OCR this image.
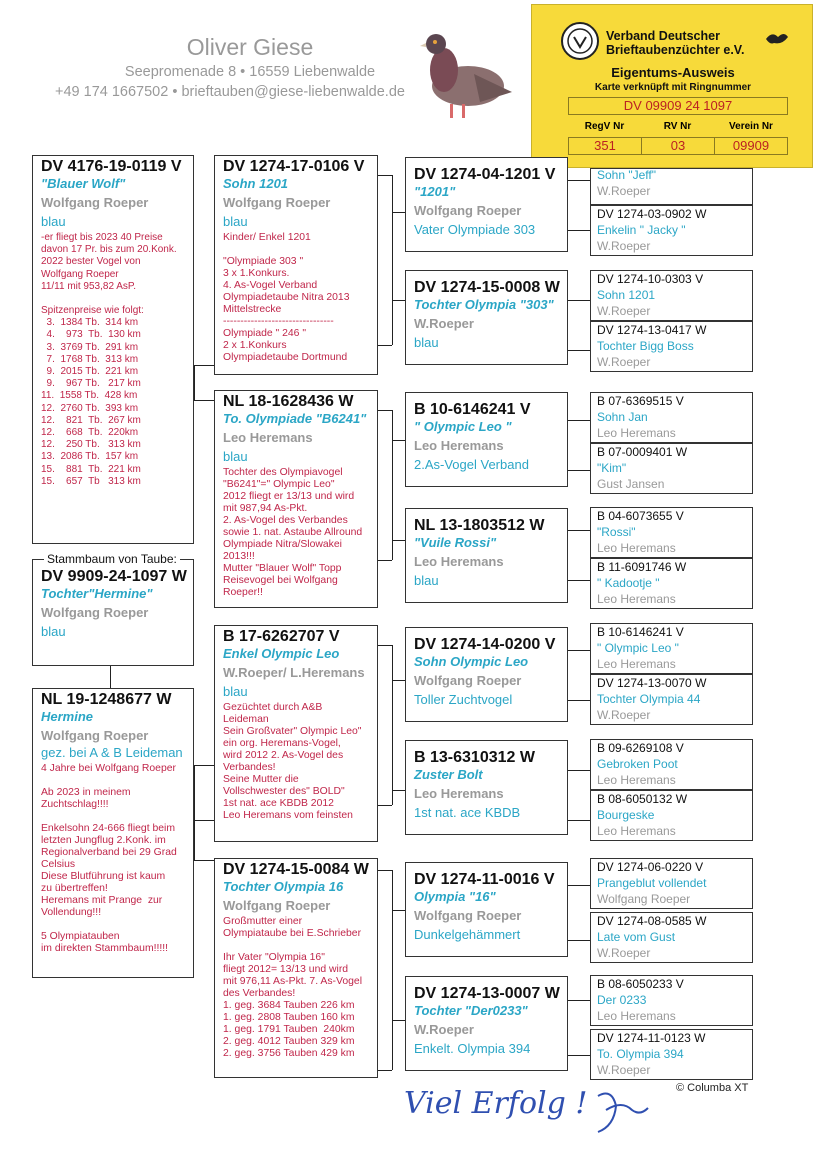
Oliver Giese
Seepromenade 8 • 16559 Liebenwalde
+49 174 1667502 • brieftauben@giese-liebenwalde.de
Verband Deutscher
Brieftaubenzüchter e.V.
Eigentums-Ausweis
Karte verknüpft mit Ringnummer
DV 09909 24 1097
RegV Nr	RV Nr	Verein Nr
351	03	09909
DV 4176-19-0119 V
"Blauer Wolf"
Wolfgang Roeper
blau
-er fliegt bis 2023 40 Preise
davon 17 Pr. bis zum 20.Konk.
2022 bester Vogel von
Wolfgang Roeper
11/11 mit 953,82 AsP.
Spitzenpreise wie folgt:
3.  1384 Tb.  314 km
4.    973  Tb.  130 km
3.  3769 Tb.  291 km
7.  1768 Tb.  313 km
9.  2015 Tb.  221 km
9.    967 Tb.   217 km
11.  1558 Tb.  428 km
12.  2760 Tb.  393 km
12.    821  Tb.  267 km
12.    668  Tb.  220km
12.    250 Tb.   313 km
13.  2086 Tb.  157 km
15.    881  Tb.  221 km
15.    657  Tb   313 km
DV 9909-24-1097 W
Tochter"Hermine"
Wolfgang Roeper
blau
Stammbaum von Taube:
NL 19-1248677 W
Hermine
Wolfgang Roeper
gez. bei A & B Leideman
4 Jahre bei Wolfgang Roeper
Ab 2023 in meinem
Zuchtschlag!!!!
Enkelsohn 24-666 fliegt beim
letzten Jungflug 2.Konk. im
Regionalverband bei 29 Grad
Celsius
Diese Blutführung ist kaum
zu übertreffen!
Heremans mit Prange  zur
Vollendung!!!
5 Olympiatauben
im direkten Stammbaum!!!!!
DV 1274-17-0106 V
Sohn 1201
Wolfgang Roeper
blau
Kinder/ Enkel 1201
"Olympiade 303 "
3 x 1.Konkurs.
4. As-Vogel Verband
Olympiadetaube Nitra 2013
Mittelstrecke
--------------------------------
Olympiade " 246 "
2 x 1.Konkurs
Olympiadetaube Dortmund
NL 18-1628436 W
To. Olympiade "B6241"
Leo Heremans
blau
Tochter des Olympiavogel
"B6241"=" Olympic Leo"
2012 fliegt er 13/13 und wird
mit 987,94 As-Pkt.
2. As-Vogel des Verbandes
sowie 1. nat. Astaube Allround
Olympiade Nitra/Slowakei
2013!!!
Mutter "Blauer Wolf" Topp
Reisevogel bei Wolfgang
Roeper!!
B 17-6262707 V
Enkel Olympic Leo
W.Roeper/ L.Heremans
blau
Gezüchtet durch A&B
Leideman
Sein Großvater" Olympic Leo"
ein org. Heremans-Vogel,
wird 2012 2. As-Vogel des
Verbandes!
Seine Mutter die
Vollschwester des" BOLD"
1st nat. ace KBDB 2012
Leo Heremans vom feinsten
DV 1274-15-0084 W
Tochter Olympia 16
Wolfgang Roeper
Großmutter einer
Olympiataube bei E.Schrieber
Ihr Vater "Olympia 16"
fliegt 2012= 13/13 und wird
mit 976,11 As-Pkt. 7. As-Vogel
des Verbandes!
1. geg. 3684 Tauben 226 km
1. geg. 2808 Tauben 160 km
1. geg. 1791 Tauben  240km
2. geg. 4012 Tauben 329 km
2. geg. 3756 Tauben 429 km
DV 1274-04-1201 V
"1201"
Wolfgang Roeper
Vater Olympiade 303
DV 1274-15-0008 W
Tochter Olympia "303"
W.Roeper
blau
B 10-6146241 V
" Olympic Leo "
Leo Heremans
2.As-Vogel Verband
NL 13-1803512 W
"Vuile Rossi"
Leo Heremans
blau
DV 1274-14-0200 V
Sohn Olympic Leo
Wolfgang Roeper
Toller Zuchtvogel
B 13-6310312 W
Zuster Bolt
Leo Heremans
1st nat. ace KBDB
DV 1274-11-0016 V
Olympia "16"
Wolfgang Roeper
Dunkelgehämmert
DV 1274-13-0007 W
Tochter "Der0233"
W.Roeper
Enkelt. Olympia 394
Sohn "Jeff"
W.Roeper
DV 1274-03-0902 W
Enkelin " Jacky "
W.Roeper
DV 1274-10-0303 V
Sohn 1201
W.Roeper
DV 1274-13-0417 W
Tochter Bigg Boss
W.Roeper
B 07-6369515 V
Sohn Jan
Leo Heremans
B 07-0009401 W
"Kim"
Gust Jansen
B 04-6073655 V
"Rossi"
Leo Heremans
B 11-6091746 W
" Kadootje "
Leo Heremans
B 10-6146241 V
" Olympic Leo "
Leo Heremans
DV 1274-13-0070 W
Tochter Olympia 44
W.Roeper
B 09-6269108 V
Gebroken Poot
Leo Heremans
B 08-6050132 W
Bourgeske
Leo Heremans
DV 1274-06-0220 V
Prangeblut vollendet
Wolfgang Roeper
DV 1274-08-0585 W
Late vom Gust
W.Roeper
B 08-6050233 V
Der 0233
Leo Heremans
DV 1274-11-0123 W
To. Olympia 394
W.Roeper
© Columba XT
Viel Erfolg !
